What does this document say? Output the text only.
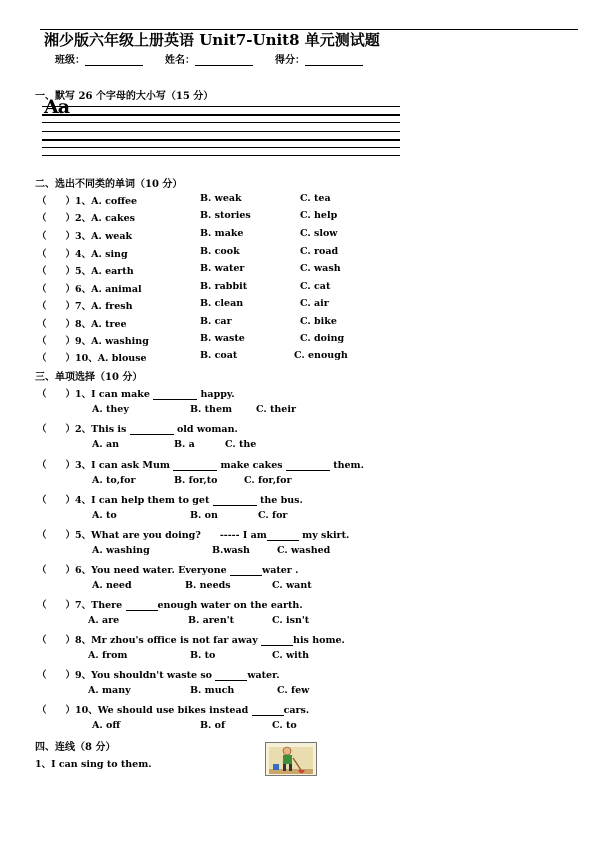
湘少版六年级上册英语 Unit7-Unit8 单元测试题
班级：	姓名：	得分：
一、默写 26 个字母的大小写（15 分）
Aa
二、选出不同类的单词（10 分）
（　　）1、A. coffee	B. weak	C. tea
（　　）2、A. cakes	B. stories	C. help
（　　）3、A. weak	B. make	C. slow
（　　）4、A. sing	B. cook	C. road
（　　）5、A. earth	B. water	C. wash
（　　）6、A. animal	B. rabbit	C. cat
（　　）7、A. fresh	B. clean	C. air
（　　）8、A. tree	B. car	C. bike
（　　）9、A. washing	B. waste	C. doing
（　　）10、A. blouse	B. coat	C. enough
三、单项选择（10 分）
（　　）1、I can make	happy.
A. they	B. them	C. their
（　　）2、This is	old woman.
A. an	B. a	C. the
（　　）3、I can ask Mum	make cakes	them.
A. to,for	B. for,to	C. for,for
（　　）4、I can help them to get	the bus.
A. to	B. on	C. for
（　　）5、What are you doing?　　----- I am	my skirt.
A. washing	B.wash	C. washed
（　　）6、You need water. Everyone	water .
A. need	B. needs	C. want
（　　）7、There	enough water on the earth.
A. are	B. aren't	C. isn't
（　　）8、Mr zhou's office is not far away	his home.
A. from	B. to	C. with
（　　）9、You shouldn't waste so	water.
A. many	B. much	C. few
（　　）10、We should use bikes instead	cars.
A. off	B. of	C. to
四、连线（8 分）
1、I can sing to them.
